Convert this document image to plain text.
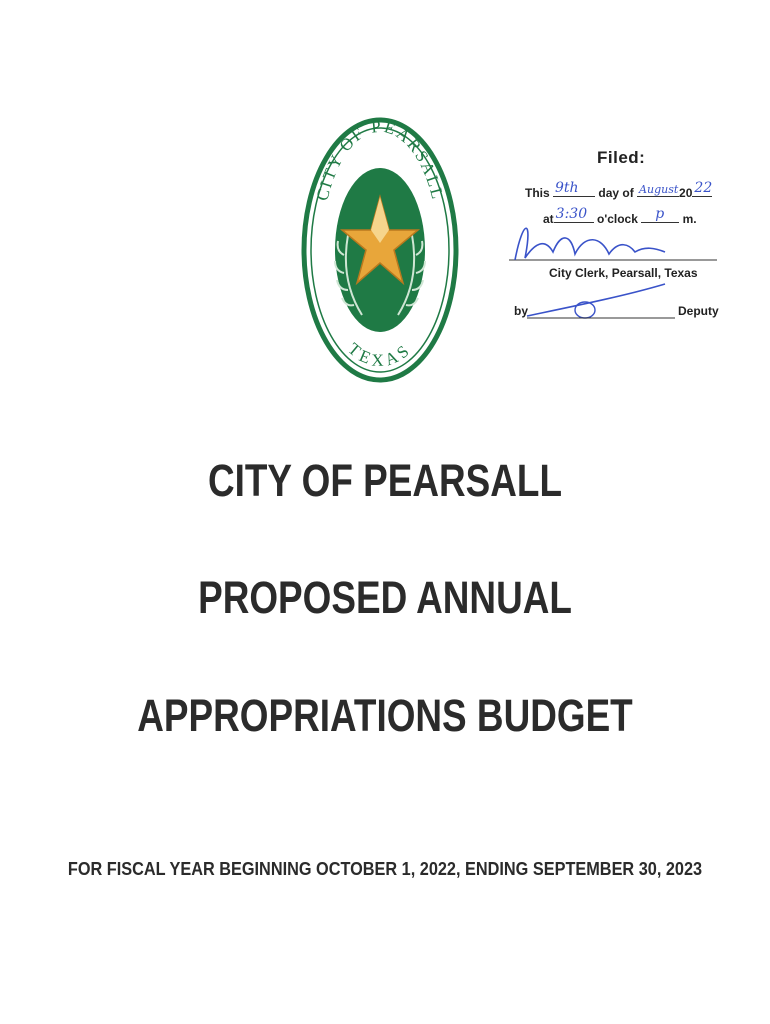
CITY OF PEARSALL
TEXAS
Filed:
This 9th day of August 20 22
at 3:30 o'clock p m.
City Clerk, Pearsall, Texas
by	Deputy
CITY OF PEARSALL
PROPOSED ANNUAL
APPROPRIATIONS BUDGET
FOR FISCAL YEAR BEGINNING OCTOBER 1, 2022, ENDING SEPTEMBER 30, 2023
